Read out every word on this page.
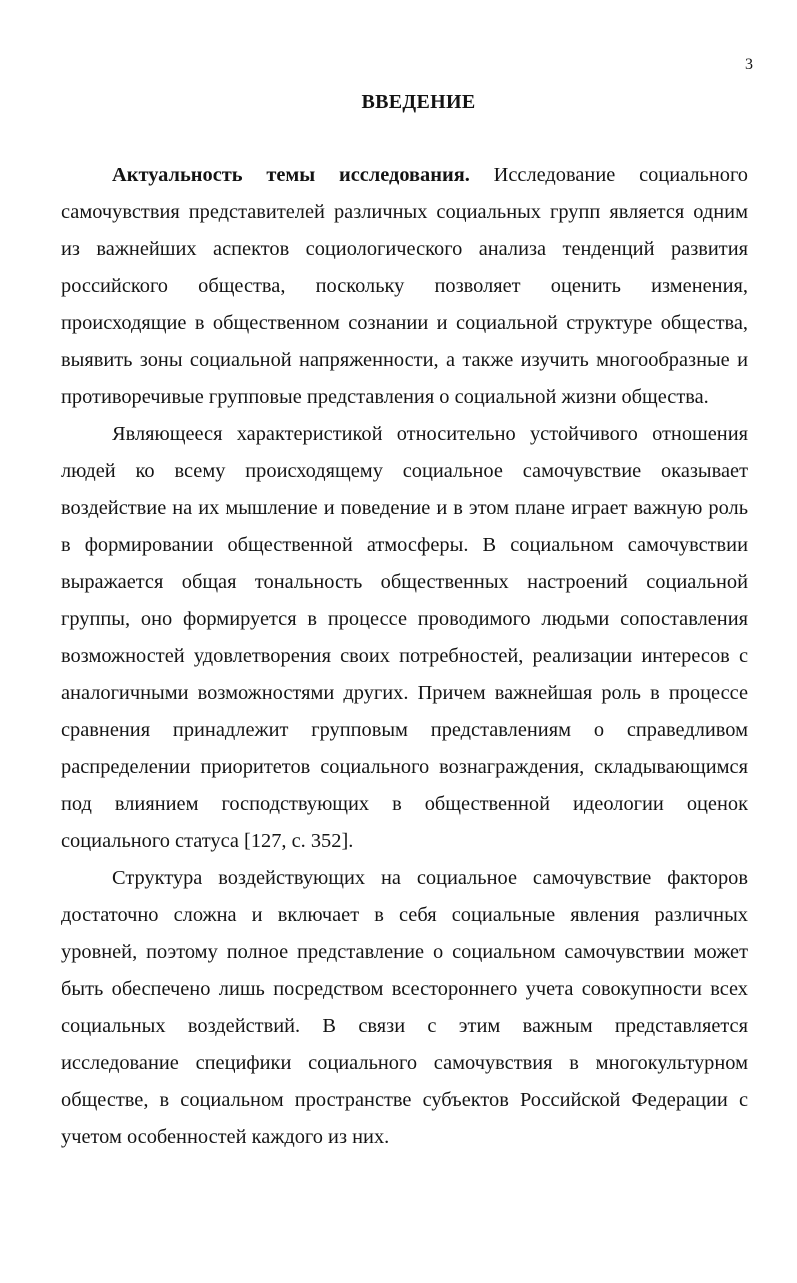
3
ВВЕДЕНИЕ

Актуальность темы исследования. Исследование социального самочувствия представителей различных социальных групп является одним из важнейших аспектов социологического анализа тенденций развития российского общества, поскольку позволяет оценить изменения, происходящие в общественном сознании и социальной структуре общества, выявить зоны социальной напряженности, а также изучить многообразные и противоречивые групповые представления о социальной жизни общества.

Являющееся характеристикой относительно устойчивого отношения людей ко всему происходящему социальное самочувствие оказывает воздействие на их мышление и поведение и в этом плане играет важную роль в формировании общественной атмосферы. В социальном самочувствии выражается общая тональность общественных настроений социальной группы, оно формируется в процессе проводимого людьми сопоставления возможностей удовлетворения своих потребностей, реализации интересов с аналогичными возможностями других. Причем важнейшая роль в процессе сравнения принадлежит групповым представлениям о справедливом распределении приоритетов социального вознаграждения, складывающимся под влиянием господствующих в общественной идеологии оценок социального статуса [127, с. 352].

Структура воздействующих на социальное самочувствие факторов достаточно сложна и включает в себя социальные явления различных уровней, поэтому полное представление о социальном самочувствии может быть обеспечено лишь посредством всестороннего учета совокупности всех социальных воздействий. В связи с этим важным представляется исследование специфики социального самочувствия в многокультурном обществе, в социальном пространстве субъектов Российской Федерации с учетом особенностей каждого из них.
